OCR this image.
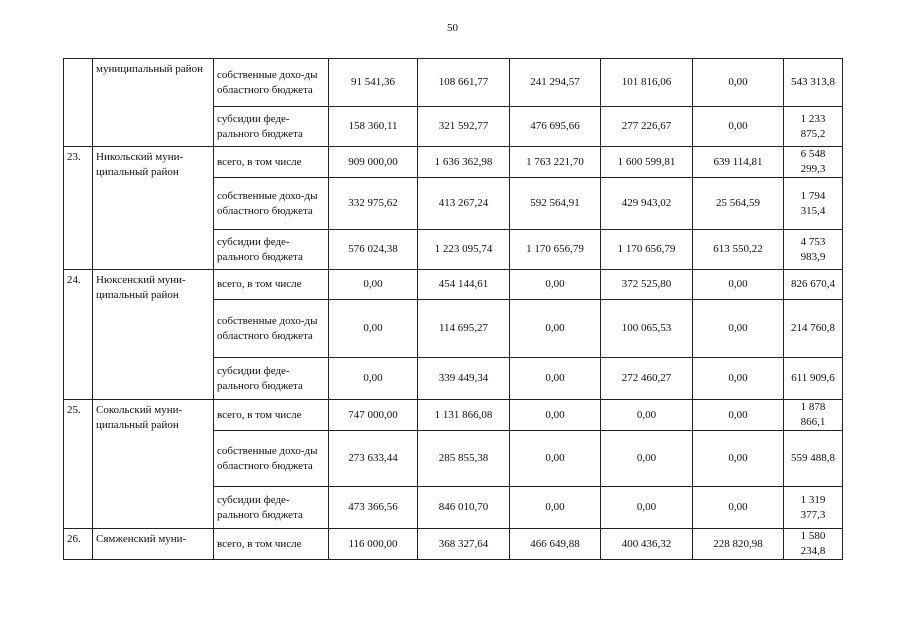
50
	муниципальный район	собственные дохо-ды областного бюджета	91 541,36	108 661,77	241 294,57	101 816,06	0,00	543 313,8
		субсидии феде-рального бюджета	158 360,11	321 592,77	476 695,66	277 226,67	0,00	1 233 875,2
23.	Никольский муни-ципальный район	всего, в том числе	909 000,00	1 636 362,98	1 763 221,70	1 600 599,81	639 114,81	6 548 299,3
		собственные дохо-ды областного бюджета	332 975,62	413 267,24	592 564,91	429 943,02	25 564,59	1 794 315,4
		субсидии феде-рального бюджета	576 024,38	1 223 095,74	1 170 656,79	1 170 656,79	613 550,22	4 753 983,9
24.	Нюксенский муни-ципальный район	всего, в том числе	0,00	454 144,61	0,00	372 525,80	0,00	826 670,4
		собственные дохо-ды областного бюджета	0,00	114 695,27	0,00	100 065,53	0,00	214 760,8
		субсидии феде-рального бюджета	0,00	339 449,34	0,00	272 460,27	0,00	611 909,6
25.	Сокольский муни-ципальный район	всего, в том числе	747 000,00	1 131 866,08	0,00	0,00	0,00	1 878 866,1
		собственные дохо-ды областного бюджета	273 633,44	285 855,38	0,00	0,00	0,00	559 488,8
		субсидии феде-рального бюджета	473 366,56	846 010,70	0,00	0,00	0,00	1 319 377,3
26.	Сямженский муни-	всего, в том числе	116 000,00	368 327,64	466 649,88	400 436,32	228 820,98	1 580 234,8
